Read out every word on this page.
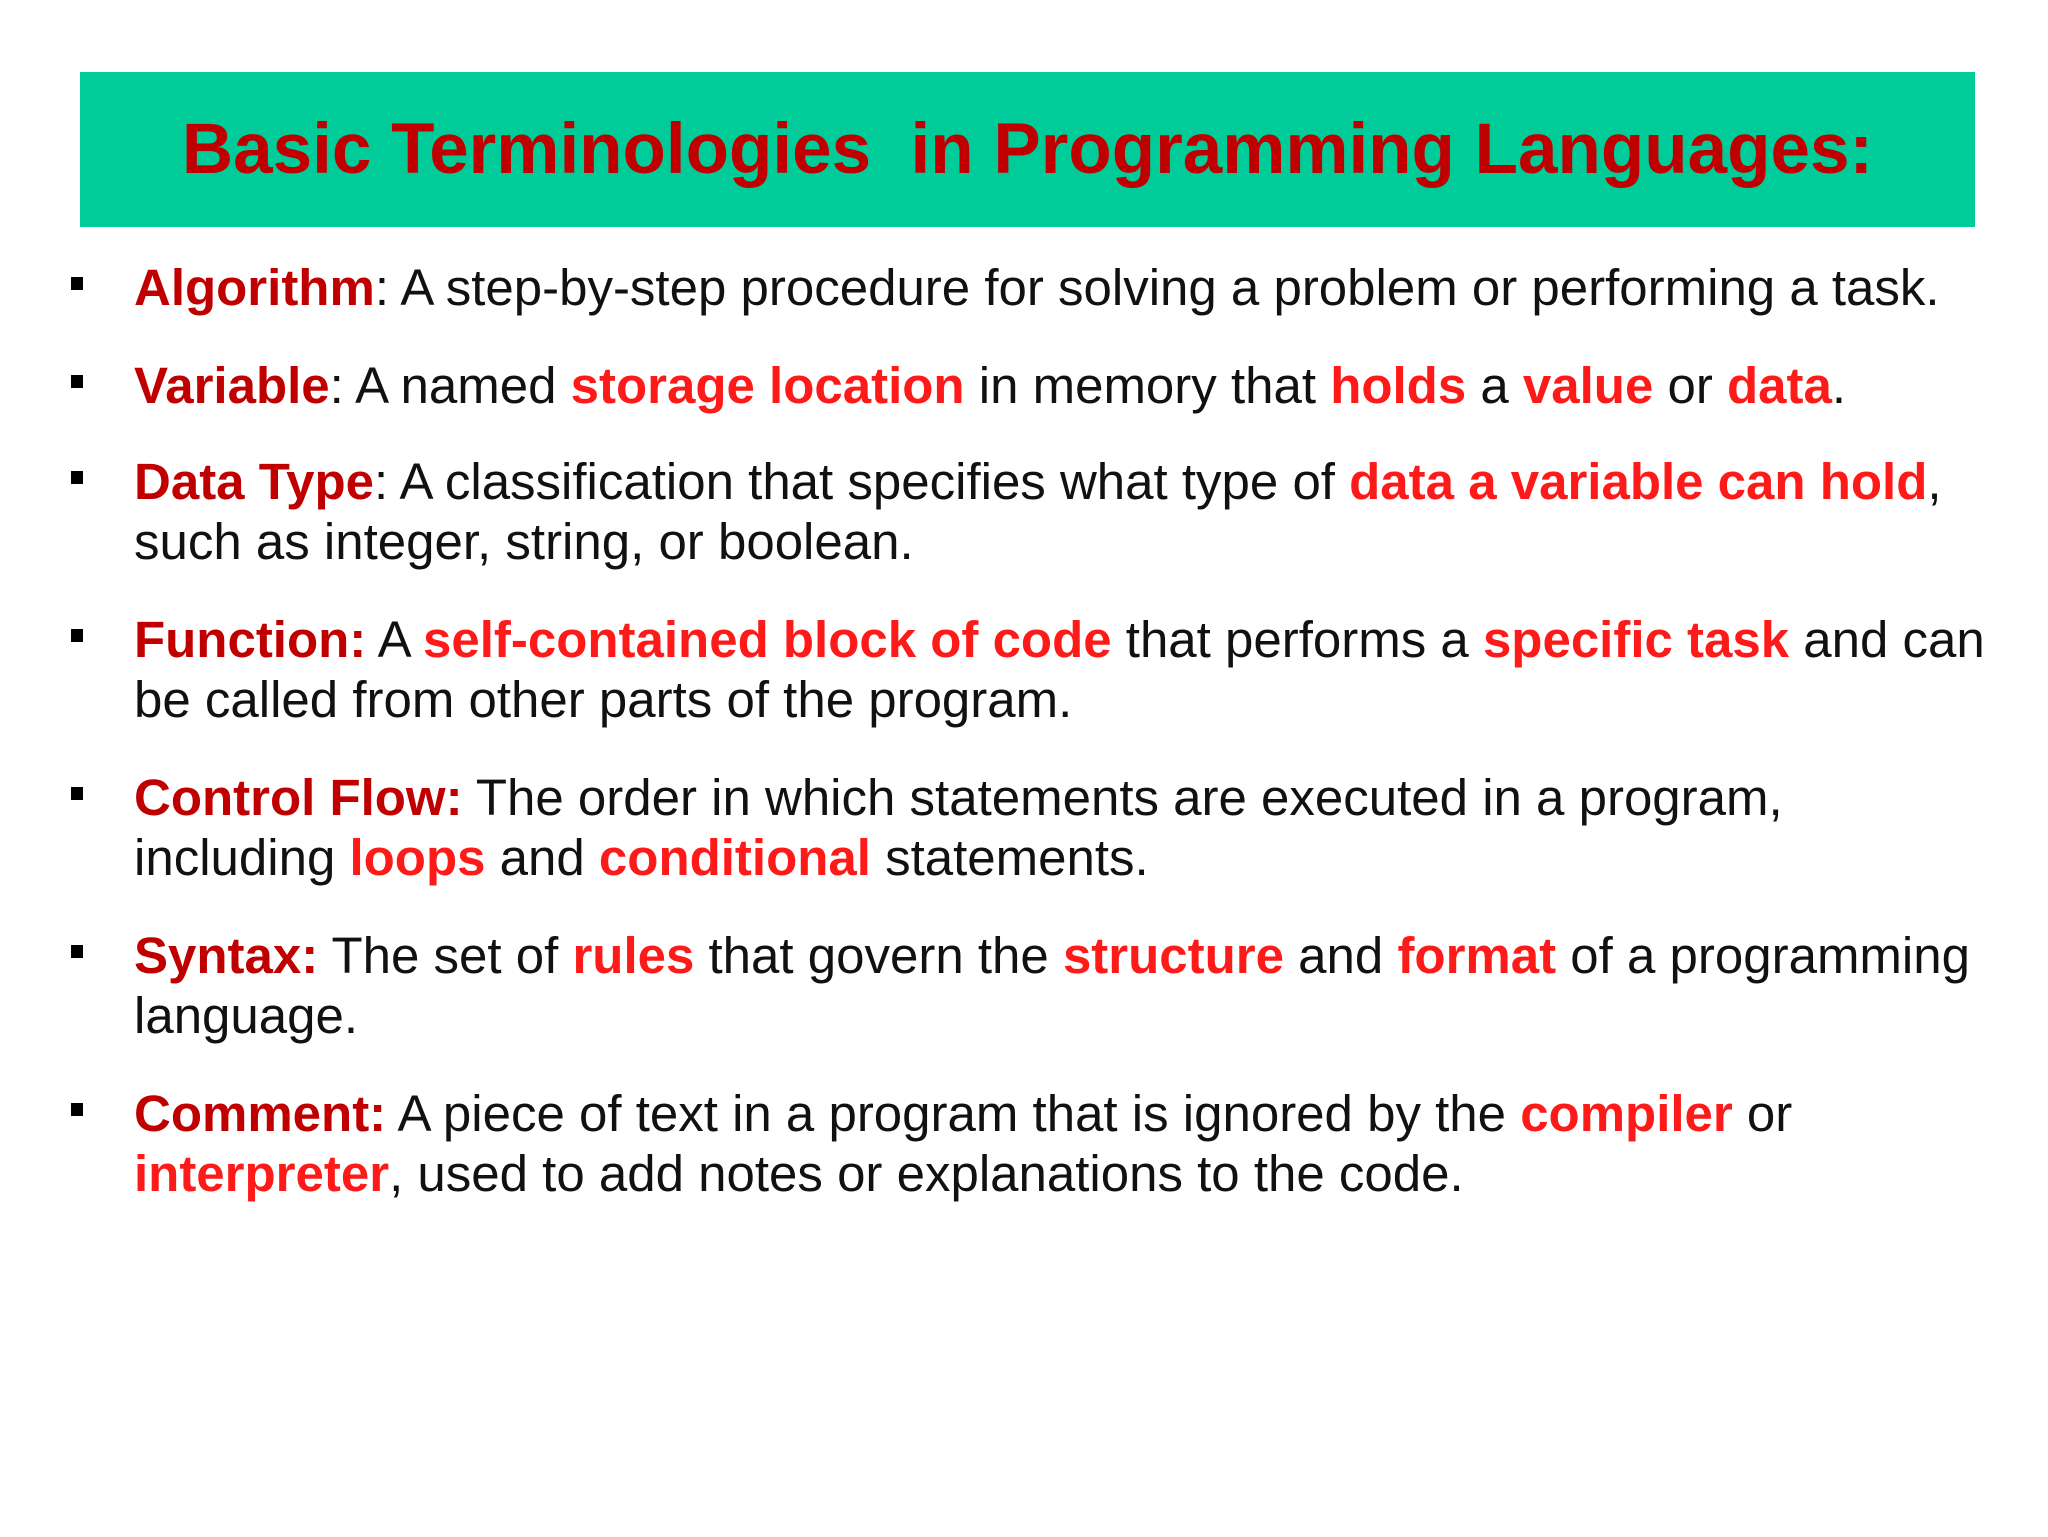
Basic Terminologies  in Programming Languages:
Algorithm: A step-by-step procedure for solving a problem or performing a task.
Variable: A named storage location in memory that holds a value or data.
Data Type: A classification that specifies what type of data a variable can hold, such as integer, string, or boolean.
Function: A self-contained block of code that performs a specific task and can be called from other parts of the program.
Control Flow: The order in which statements are executed in a program, including loops and conditional statements.
Syntax: The set of rules that govern the structure and format of a programming language.
Comment: A piece of text in a program that is ignored by the compiler or interpreter, used to add notes or explanations to the code.
